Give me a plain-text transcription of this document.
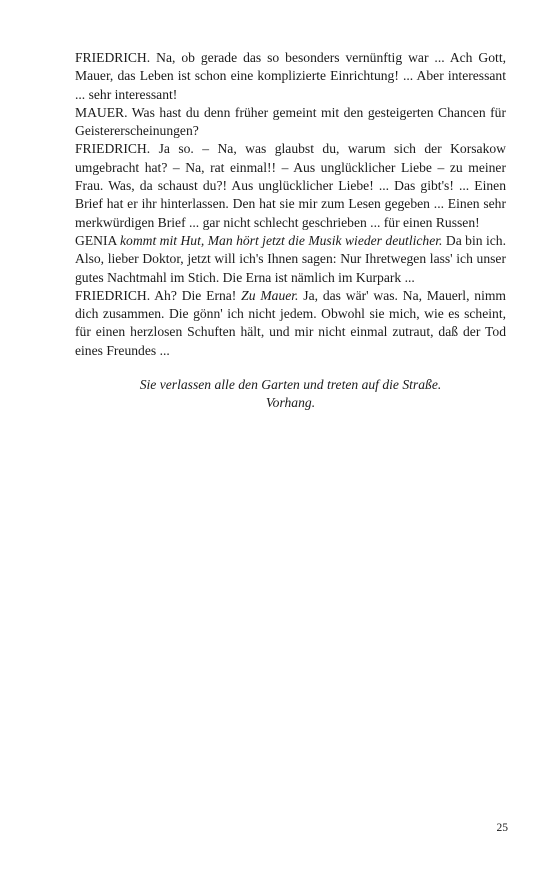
FRIEDRICH. Na, ob gerade das so besonders vernünftig war ... Ach Gott, Mauer, das Leben ist schon eine komplizierte Einrichtung! ... Aber interessant ... sehr interessant!

MAUER. Was hast du denn früher gemeint mit den gesteigerten Chancen für Geistererscheinungen?

FRIEDRICH. Ja so. – Na, was glaubst du, warum sich der Korsakow umgebracht hat? – Na, rat einmal!! – Aus unglücklicher Liebe – zu meiner Frau. Was, da schaust du?! Aus unglücklicher Liebe! ... Das gibt's! ... Einen Brief hat er ihr hinterlassen. Den hat sie mir zum Lesen gegeben ... Einen sehr merkwürdigen Brief ... gar nicht schlecht geschrieben ... für einen Russen!

GENIA kommt mit Hut, Man hört jetzt die Musik wieder deutlicher. Da bin ich. Also, lieber Doktor, jetzt will ich's Ihnen sagen: Nur Ihretwegen lass' ich unser gutes Nachtmahl im Stich. Die Erna ist nämlich im Kurpark ...

FRIEDRICH. Ah? Die Erna! Zu Mauer. Ja, das wär' was. Na, Mauerl, nimm dich zusammen. Die gönn' ich nicht jedem. Obwohl sie mich, wie es scheint, für einen herzlosen Schuften hält, und mir nicht einmal zutraut, daß der Tod eines Freundes ...

Sie verlassen alle den Garten und treten auf die Straße.
Vorhang.
25
